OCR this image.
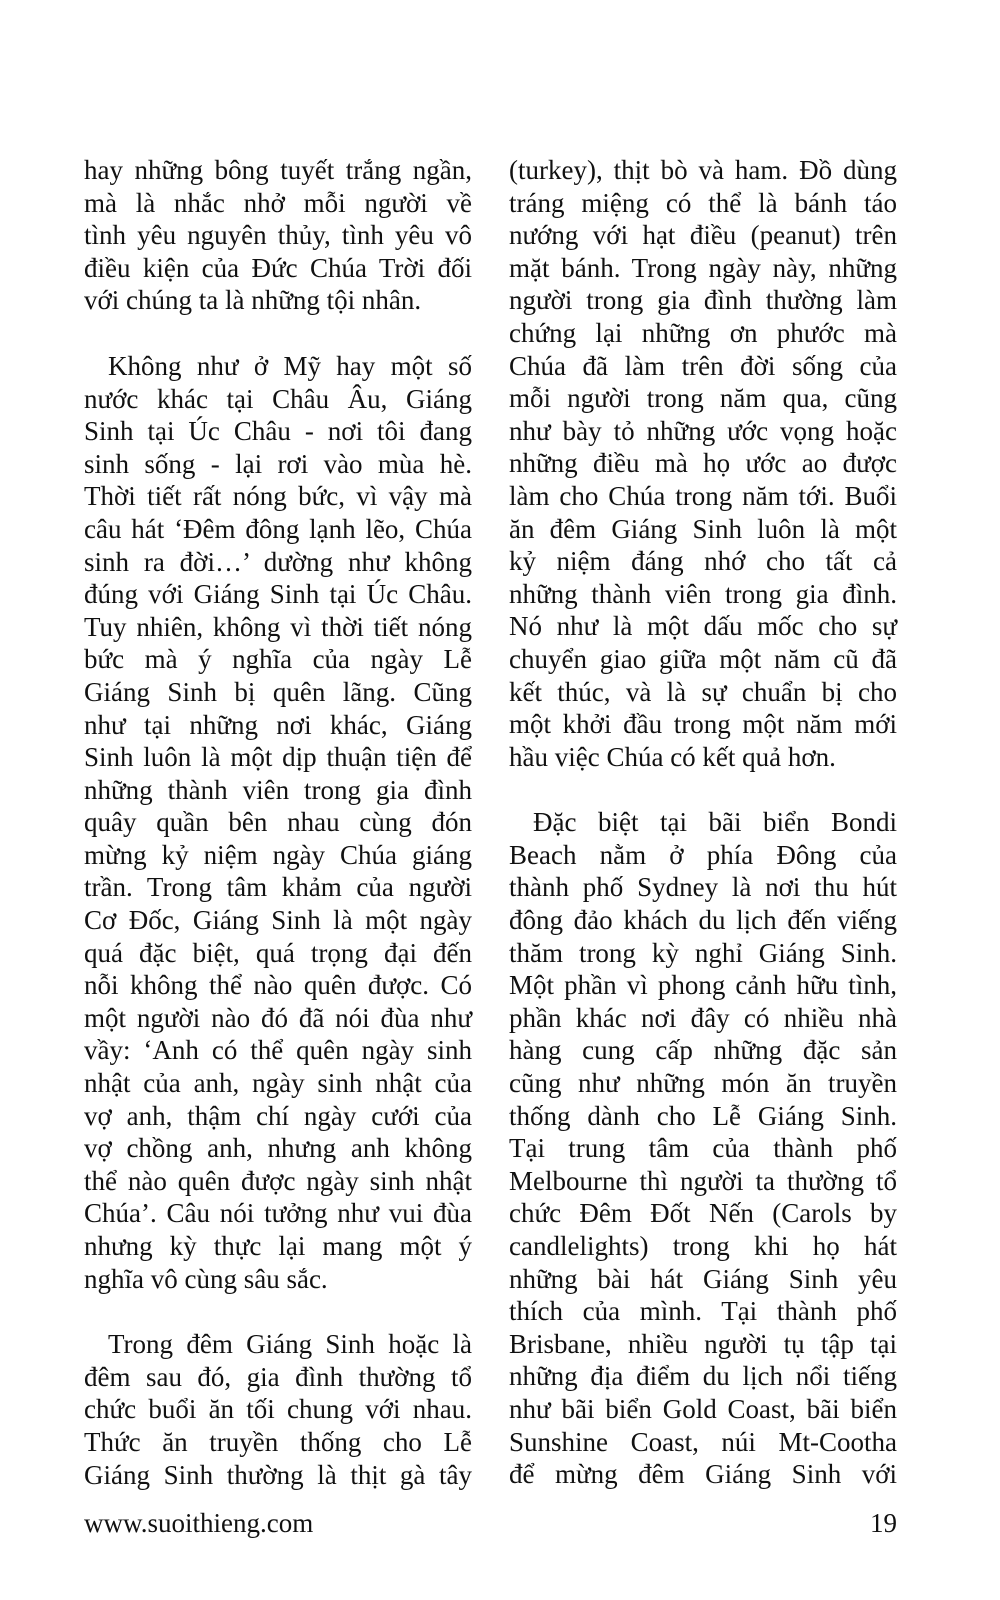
hay những bông tuyết trắng ngần,
mà là nhắc nhở mỗi người về
tình yêu nguyên thủy, tình yêu vô
điều kiện của Đức Chúa Trời đối
với chúng ta là những tội nhân.
Không như ở Mỹ hay một số
nước khác tại Châu Âu, Giáng
Sinh tại Úc Châu - nơi tôi đang
sinh sống - lại rơi vào mùa hè.
Thời tiết rất nóng bức, vì vậy mà
câu hát ‘Đêm đông lạnh lẽo, Chúa
sinh ra đời…’ dường như không
đúng với Giáng Sinh tại Úc Châu.
Tuy nhiên, không vì thời tiết nóng
bức mà ý nghĩa của ngày Lễ
Giáng Sinh bị quên lãng. Cũng
như tại những nơi khác, Giáng
Sinh luôn là một dịp thuận tiện để
những thành viên trong gia đình
quây quần bên nhau cùng đón
mừng kỷ niệm ngày Chúa giáng
trần. Trong tâm khảm của người
Cơ Đốc, Giáng Sinh là một ngày
quá đặc biệt, quá trọng đại đến
nỗi không thể nào quên được. Có
một người nào đó đã nói đùa như
vầy: ‘Anh có thể quên ngày sinh
nhật của anh, ngày sinh nhật của
vợ anh, thậm chí ngày cưới của
vợ chồng anh, nhưng anh không
thể nào quên được ngày sinh nhật
Chúa’. Câu nói tưởng như vui đùa
nhưng kỳ thực lại mang một ý
nghĩa vô cùng sâu sắc.
Trong đêm Giáng Sinh hoặc là
đêm sau đó, gia đình thường tổ
chức buổi ăn tối chung với nhau.
Thức ăn truyền thống cho Lễ
Giáng Sinh thường là thịt gà tây
(turkey), thịt bò và ham. Đồ dùng
tráng miệng có thể là bánh táo
nướng với hạt điều (peanut) trên
mặt bánh. Trong ngày này, những
người trong gia đình thường làm
chứng lại những ơn phước mà
Chúa đã làm trên đời sống của
mỗi người trong năm qua, cũng
như bày tỏ những ước vọng hoặc
những điều mà họ ước ao được
làm cho Chúa trong năm tới. Buổi
ăn đêm Giáng Sinh luôn là một
kỷ niệm đáng nhớ cho tất cả
những thành viên trong gia đình.
Nó như là một dấu mốc cho sự
chuyển giao giữa một năm cũ đã
kết thúc, và là sự chuẩn bị cho
một khởi đầu trong một năm mới
hầu việc Chúa có kết quả hơn.
Đặc biệt tại bãi biển Bondi
Beach nằm ở phía Đông của
thành phố Sydney là nơi thu hút
đông đảo khách du lịch đến viếng
thăm trong kỳ nghỉ Giáng Sinh.
Một phần vì phong cảnh hữu tình,
phần khác nơi đây có nhiều nhà
hàng cung cấp những đặc sản
cũng như những món ăn truyền
thống dành cho Lễ Giáng Sinh.
Tại trung tâm của thành phố
Melbourne thì người ta thường tổ
chức Đêm Đốt Nến (Carols by
candlelights) trong khi họ hát
những bài hát Giáng Sinh yêu
thích của mình. Tại thành phố
Brisbane, nhiều người tụ tập tại
những địa điểm du lịch nổi tiếng
như bãi biển Gold Coast, bãi biển
Sunshine Coast, núi Mt-Cootha
để mừng đêm Giáng Sinh với
www.suoithieng.com	19
